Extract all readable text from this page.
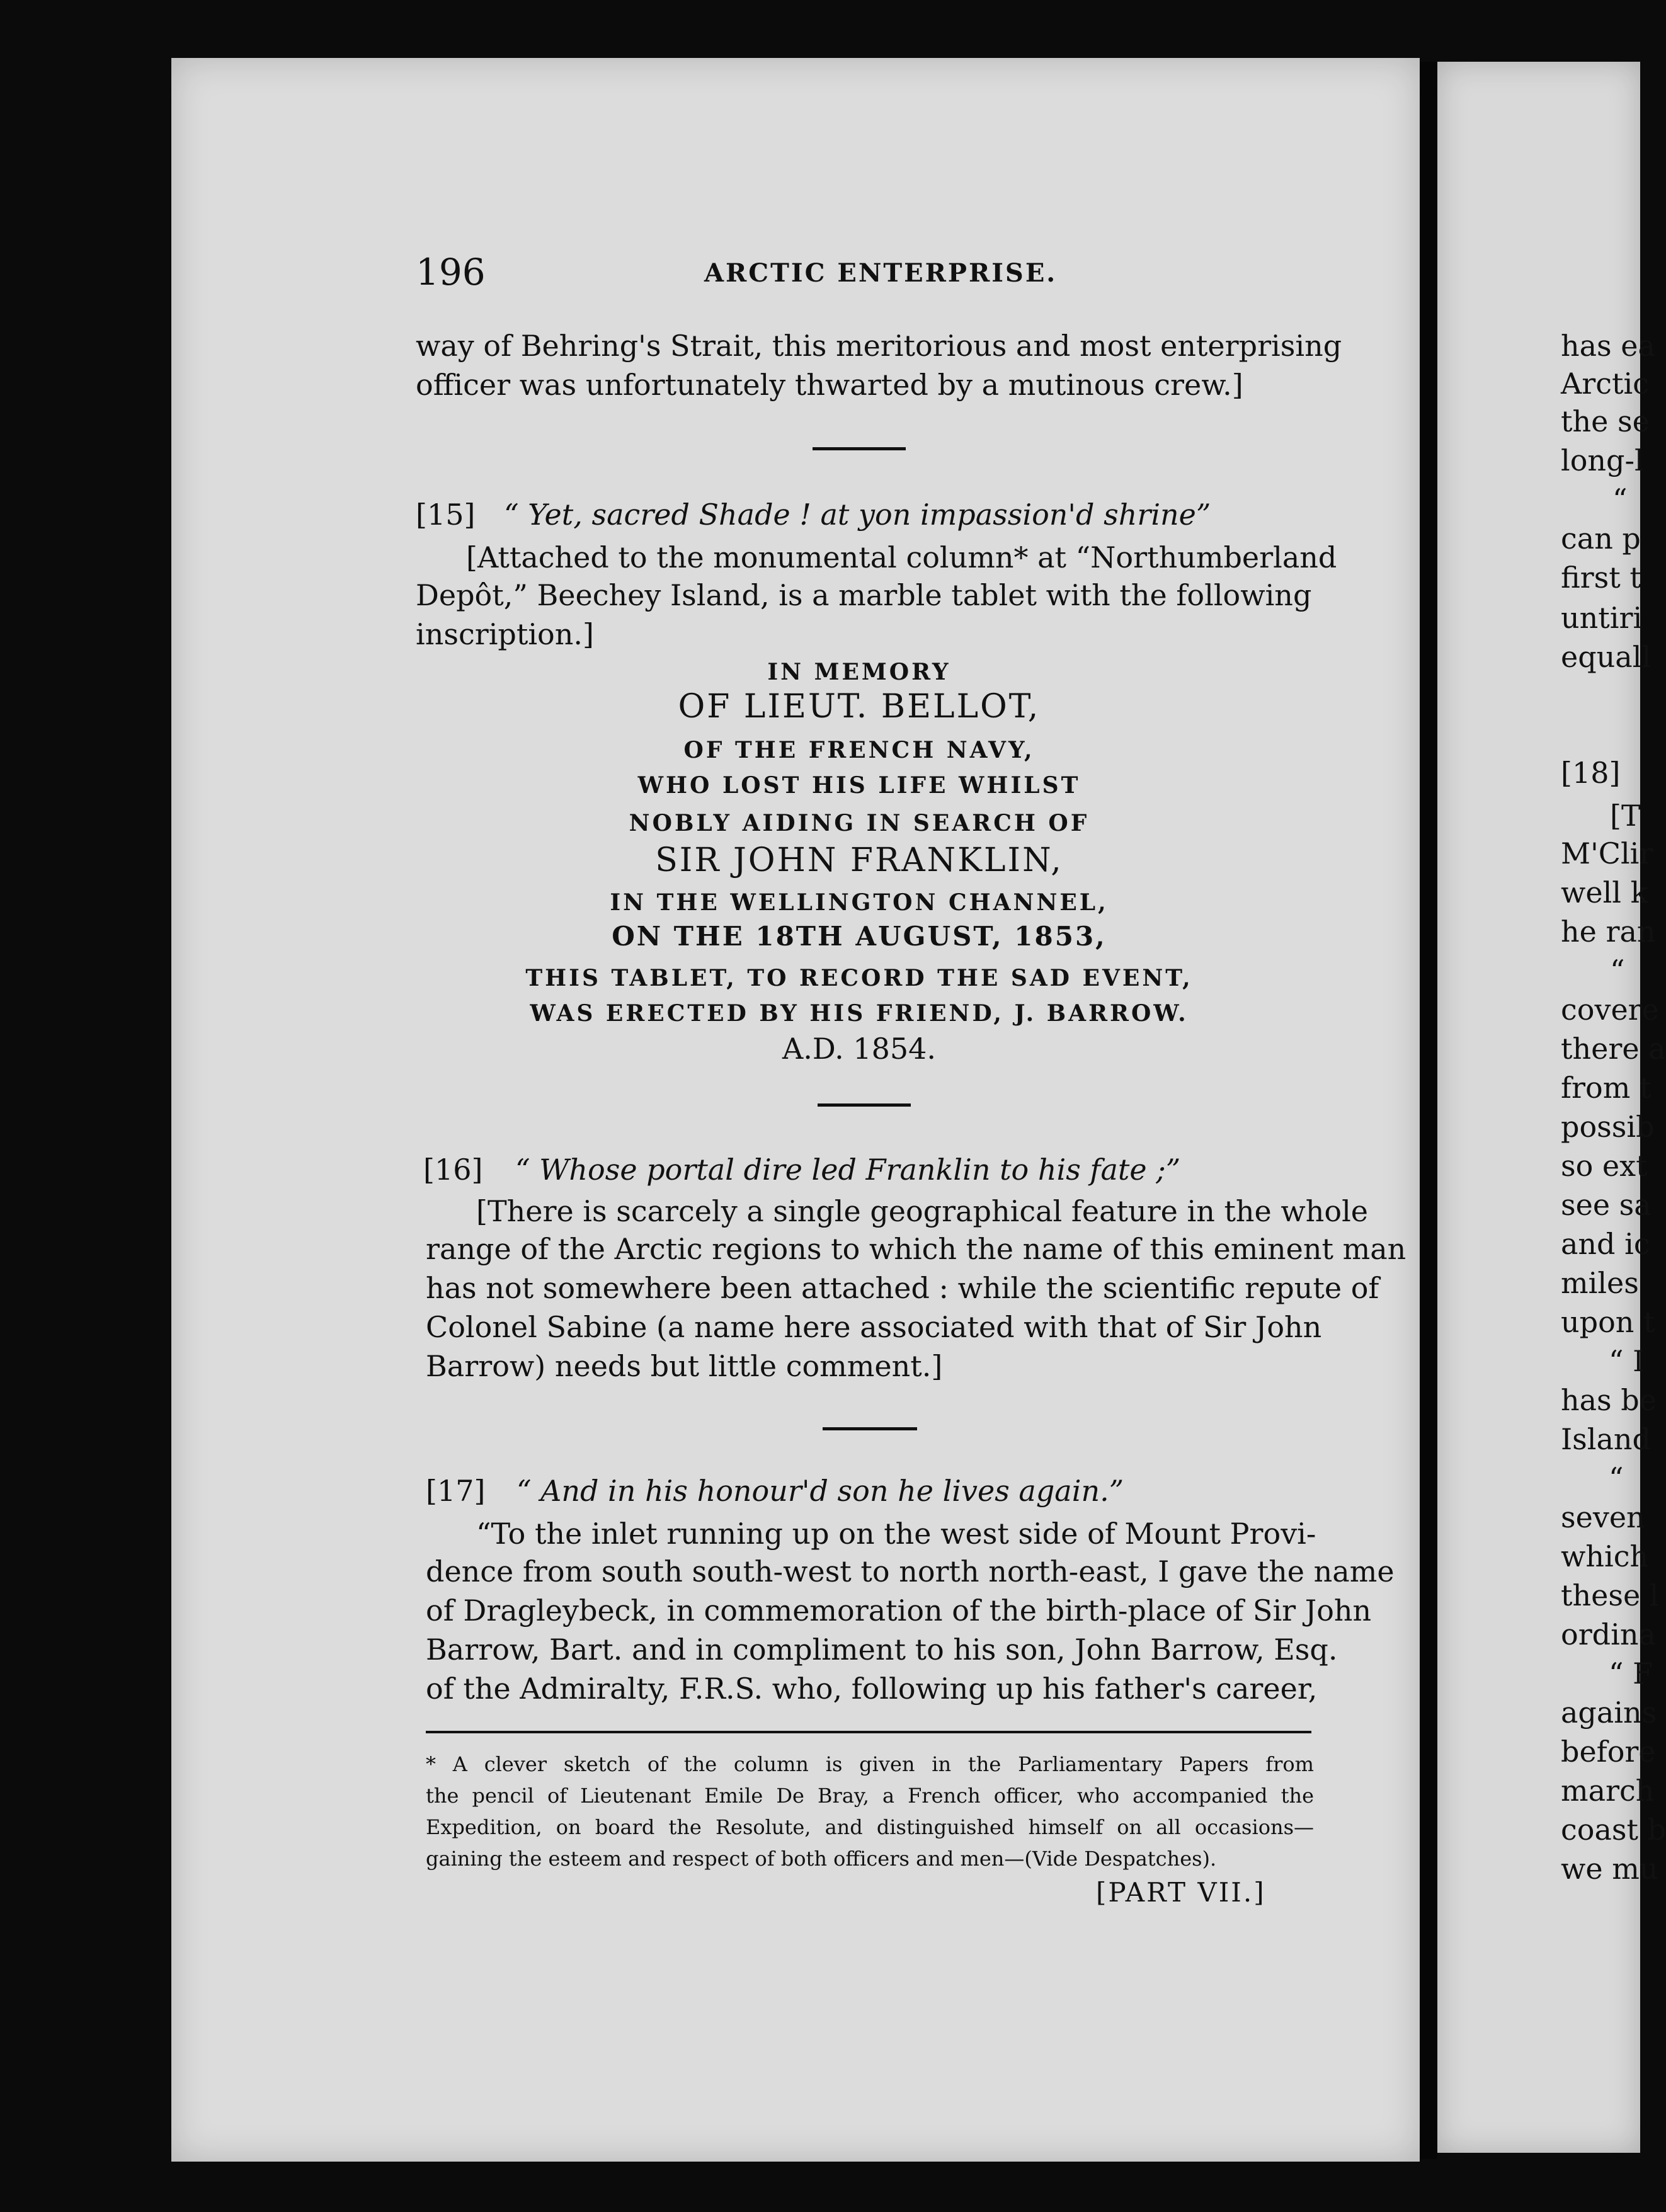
196	ARCTIC ENTERPRISE.
way of Behring's Strait, this meritorious and most enterprising
officer was unfortunately thwarted by a mutinous crew.]
[15] “ Yet, sacred Shade ! at yon impassion'd shrine”
[Attached to the monumental column* at “Northumberland
Depôt,” Beechey Island, is a marble tablet with the following
inscription.]
IN MEMORY
OF LIEUT. BELLOT,
OF THE FRENCH NAVY,
WHO LOST HIS LIFE WHILST
NOBLY AIDING IN SEARCH OF
SIR JOHN FRANKLIN,
IN THE WELLINGTON CHANNEL,
ON THE 18TH AUGUST, 1853,
THIS TABLET, TO RECORD THE SAD EVENT,
WAS ERECTED BY HIS FRIEND, J. BARROW.
A.D. 1854.
[16] “ Whose portal dire led Franklin to his fate ;”
[There is scarcely a single geographical feature in the whole
range of the Arctic regions to which the name of this eminent man
has not somewhere been attached : while the scientific repute of
Colonel Sabine (a name here associated with that of Sir John
Barrow) needs but little comment.]
[17] “ And in his honour'd son he lives again.”
“To the inlet running up on the west side of Mount Provi-
dence from south south-west to north north-east, I gave the name
of Dragleybeck, in commemoration of the birth-place of Sir John
Barrow, Bart. and in compliment to his son, John Barrow, Esq.
of the Admiralty, F.R.S. who, following up his father's career,
* A clever sketch of the column is given in the Parliamentary Papers from
the pencil of Lieutenant Emile De Bray, a French officer, who accompanied the
Expedition, on board the Resolute, and distinguished himself on all occasions—
gaining the esteem and respect of both officers and men—(Vide Despatches).
[PART VII.]
has ea
Arctic
the se
long-l
“
can p
first t
untiri
equall
[18]
[T
M'Clir
well k
he ran
“
covere
there a
from t
possib
so ext
see sa
and ic
miles
upon t
“ I
has be
Island
“
seven
which
these l
ordina
“ F
agains
before
march
coast b
we mu
